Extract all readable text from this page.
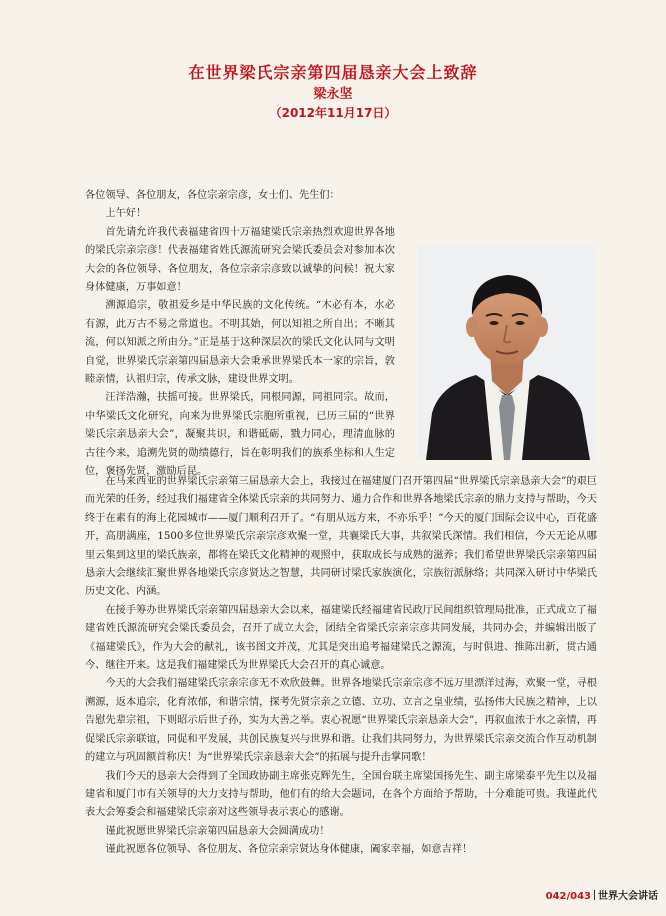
在世界梁氏宗亲第四届恳亲大会上致辞
梁永坚
（2012年11月17日）

各位领导、各位朋友，各位宗亲宗彦，女士们、先生们：

上午好！

首先请允许我代表福建省四十万福建梁氏宗亲热烈欢迎世界各地的梁氏宗亲宗彦！代表福建省姓氏源流研究会梁氏委员会对参加本次大会的各位领导、各位朋友，各位宗亲宗彦致以诚挚的问候！祝大家身体健康，万事如意！

溯源追宗，敬祖爱乡是中华民族的文化传统。“木必有本，水必有源，此万古不易之常道也。不明其始，何以知祖之所自出；不晰其流，何以知派之所由分。”正是基于这种深层次的梁氏文化认同与文明自觉，世界梁氏宗亲第四届恳亲大会秉承世界梁氏本一家的宗旨，敦睦亲情，认祖归宗，传承文脉，建设世界文明。

汪洋浩瀚，扶摇可接。世界梁氏，同根同源，同祖同宗。故而，中华梁氏文化研究，向来为世界梁氏宗胞所重视，已历三届的“世界梁氏宗亲恳亲大会”，凝聚共识，和谐砥砺，戮力同心，理清血脉的古往今来，追溯先贤的勋绩德行，旨在彰明我们的族系坐标和人生定位，褒扬先贤，激励后昆。

在马来西亚的世界梁氏宗亲第三届恳亲大会上，我接过在福建厦门召开第四届“世界梁氏宗亲恳亲大会”的艰巨而光荣的任务，经过我们福建省全体梁氏宗亲的共同努力、通力合作和世界各地梁氏宗亲的鼎力支持与帮助，今天终于在素有的海上花园城市——厦门顺利召开了。“有朋从远方来，不亦乐乎！”今天的厦门国际会议中心，百花盛开，高朋满座，1500多位世界梁氏宗亲宗彦欢聚一堂，共襄梁氏大事，共叙梁氏深情。我们相信，今天无论从哪里云集到这里的梁氏族亲，都将在梁氏文化精神的观照中，获取成长与成熟的滋养；我们希望世界梁氏宗亲第四届恳亲大会继续汇聚世界各地梁氏宗彦贤达之智慧，共同研讨梁氏家族演化，宗族衍派脉络；共同深入研讨中华梁氏历史文化、内涵。

在接手筹办世界梁氏宗亲第四届恳亲大会以来，福建梁氏经福建省民政厅民间组织管理局批准，正式成立了福建省姓氏源流研究会梁氏委员会，召开了成立大会，团结全省梁氏宗亲宗彦共同发展，共同办会，并编辑出版了《福建梁氏》，作为大会的献礼，该书图文并茂，尤其是突出追考福建梁氏之源流，与时俱进、推陈出新，贯古通今、继往开来。这是我们福建梁氏为世界梁氏大会召开的真心诚意。

今天的大会我们福建梁氏宗亲宗彦无不欢欣鼓舞。世界各地梁氏宗亲宗彦不远万里漂洋过海，欢聚一堂，寻根溯源，返本追宗，化育浓郁，和谐宗情，探考先贤宗亲之立德、立功、立言之皇业绩，弘扬伟大民族之精神，上以告慰先辈宗祖，下则昭示后世子孙，实为大善之举。衷心祝愿“世界梁氏宗亲恳亲大会”，再叙血浓于水之亲情，再促梁氏宗亲联谊，同促和平发展，共创民族复兴与世界和谐。让我们共同努力，为世界梁氏宗亲交流合作互动机制的建立与巩固额首称庆！为“世界梁氏宗亲恳亲大会”的拓展与提升击掌同歌！

我们今天的恳亲大会得到了全国政协副主席张克辉先生，全国台联主席梁国扬先生、副主席梁泰平先生以及福建省和厦门市有关领导的大力支持与帮助，他们有的给大会题词，在各个方面给予帮助，十分难能可贵。我谨此代表大会筹委会和福建梁氏宗亲对这些领导表示衷心的感谢。

谨此祝愿世界梁氏宗亲第四届恳亲大会圆满成功！

谨此祝愿各位领导、各位朋友、各位宗亲宗贤达身体健康，阖家幸福，如意吉祥！

042/043 世界大会讲话
